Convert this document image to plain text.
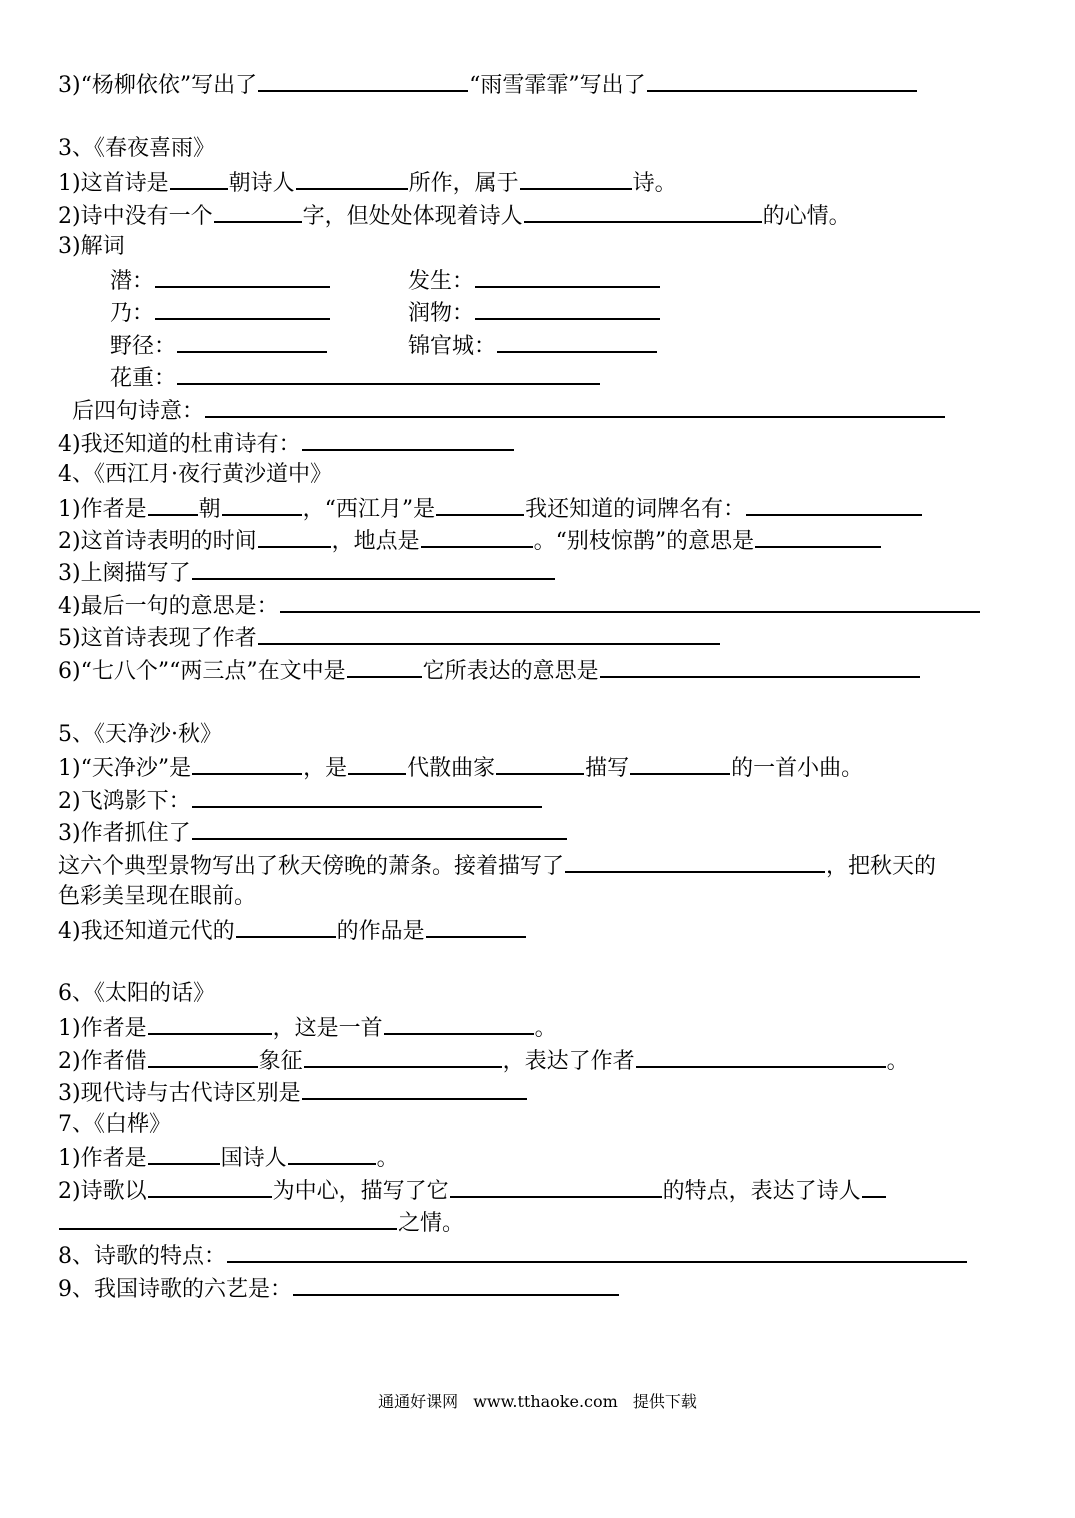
3)“杨柳依依”写出了	“雨雪霏霏”写出了
3、《春夜喜雨》
1)这首诗是	朝诗人	所作，属于	诗。
2)诗中没有一个	字，但处处体现着诗人	的心情。
3)解词
潜：	发生：
乃：	润物：
野径：	锦官城：
花重：
后四句诗意：
4)我还知道的杜甫诗有：
4、《西江月·夜行黄沙道中》
1)作者是 朝	，“西江月”是	我还知道的词牌名有：
2)这首诗表明的时间	，地点是	。“别枝惊鹊”的意思是
3)上阕描写了
4)最后一句的意思是：
5)这首诗表现了作者
6)“七八个”“两三点”在文中是	它所表达的意思是
5、《天净沙·秋》
1)“天净沙”是	，是	代散曲家	描写	的一首小曲。
2)飞鸿影下：
3)作者抓住了
这六个典型景物写出了秋天傍晚的萧条。接着描写了	，把秋天的
色彩美呈现在眼前。
4)我还知道元代的	的作品是
6、《太阳的话》
1)作者是	，这是一首	。
2)作者借	象征	，表达了作者	。
3)现代诗与古代诗区别是
7、《白桦》
1)作者是	国诗人	。
2)诗歌以	为中心，描写了它	的特点，表达了诗人
之情。
8、诗歌的特点：
9、我国诗歌的六艺是：
通通好课网 www.tthaoke.com 提供下载
